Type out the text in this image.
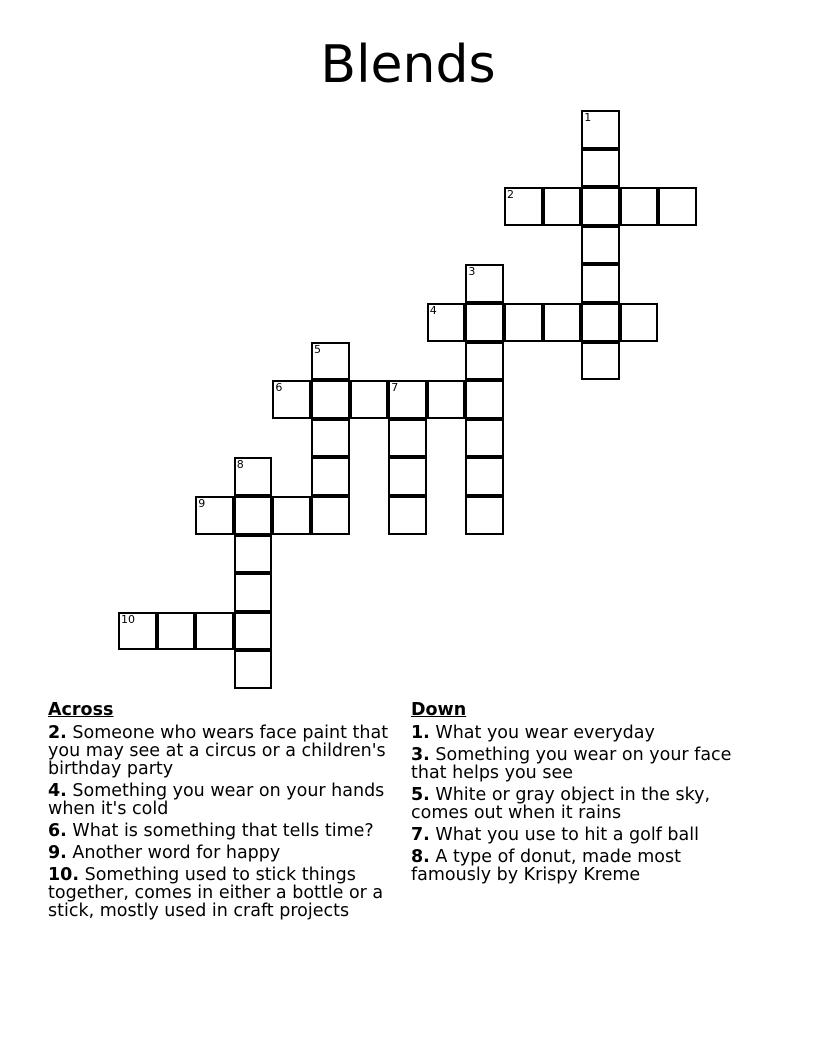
Blends
1
2
3
4
5
6	7
8
9
10
Across
2. Someone who wears face paint that you may see at a circus or a children's birthday party
4. Something you wear on your hands when it's cold
6. What is something that tells time?
9. Another word for happy
10. Something used to stick things together, comes in either a bottle or a stick, mostly used in craft projects
Down
1. What you wear everyday
3. Something you wear on your face that helps you see
5. White or gray object in the sky, comes out when it rains
7. What you use to hit a golf ball
8. A type of donut, made most famously by Krispy Kreme
